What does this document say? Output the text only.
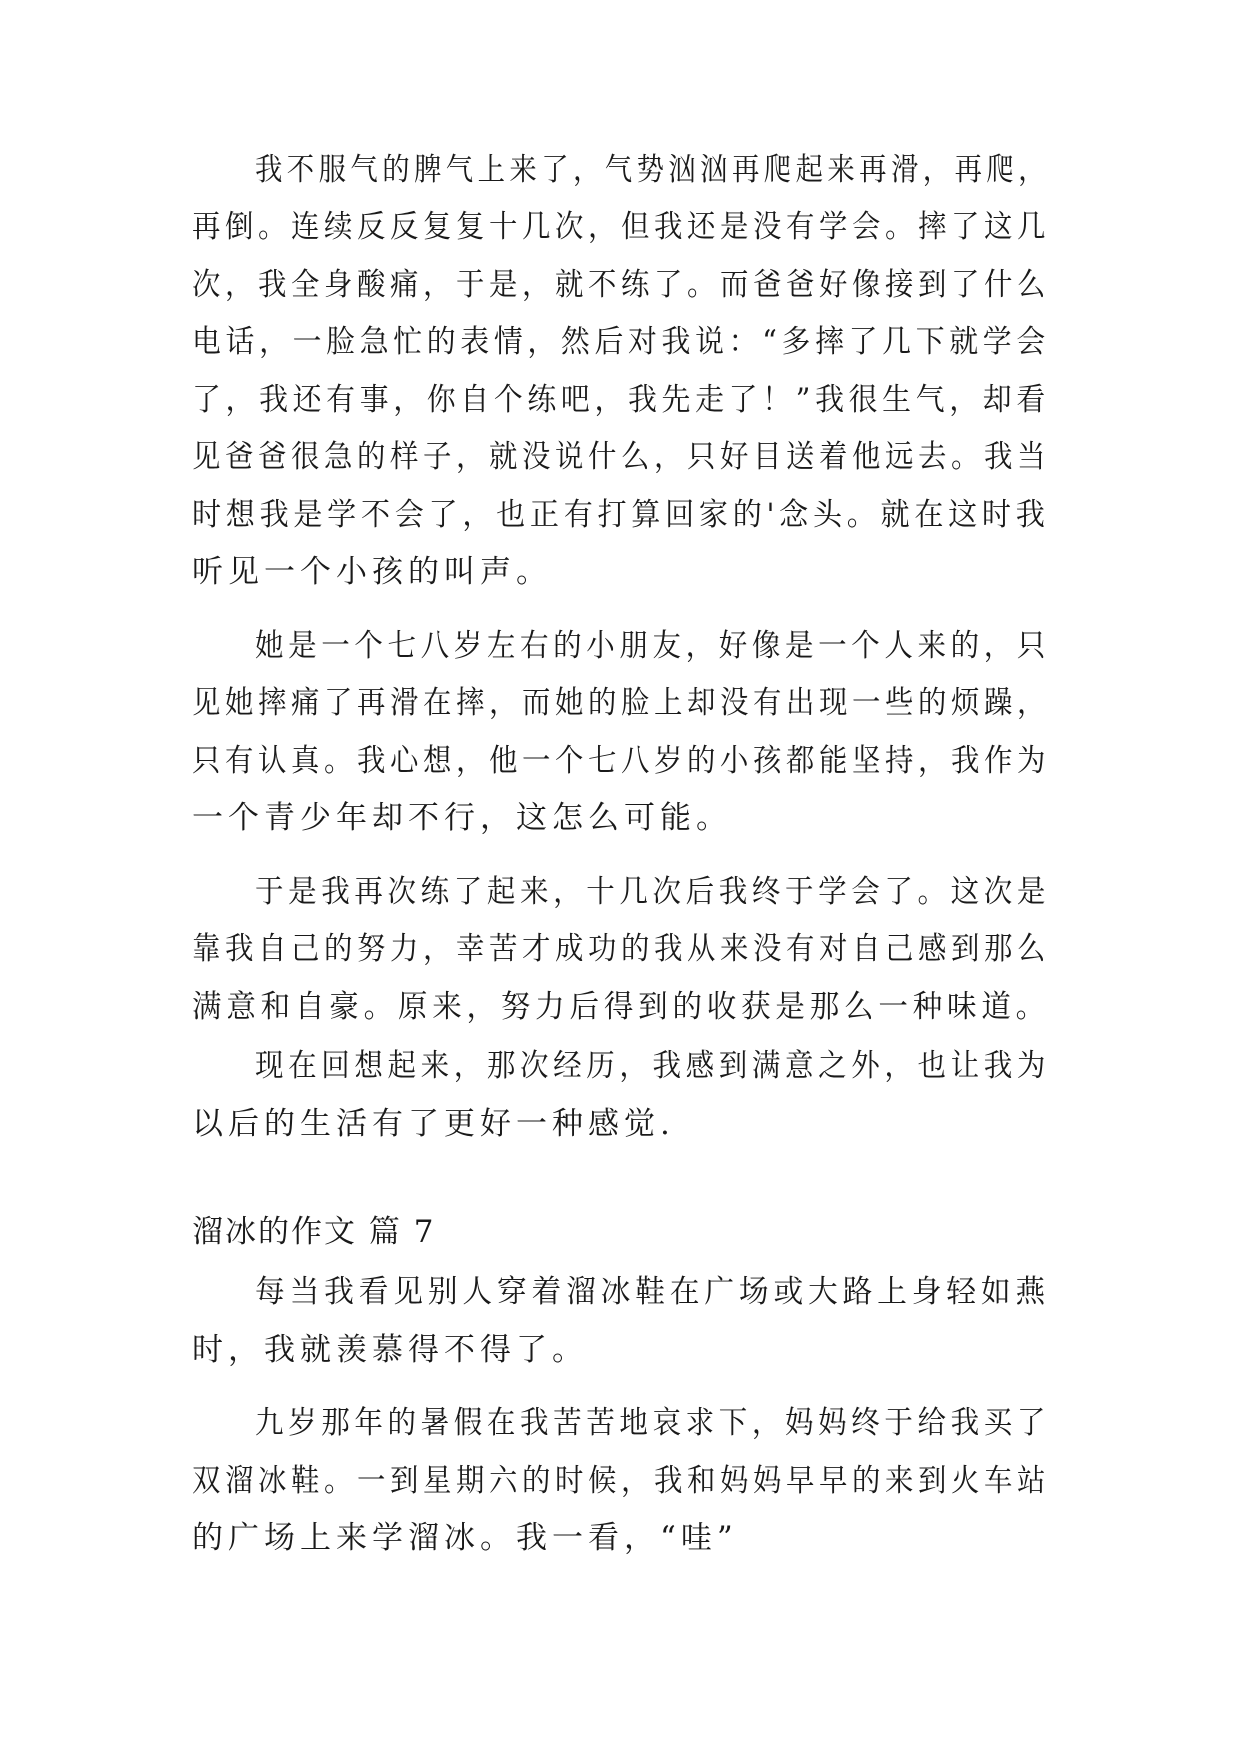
我不服气的脾气上来了，气势汹汹再爬起来再滑，再爬，
再倒。连续反反复复十几次，但我还是没有学会。摔了这几
次，我全身酸痛，于是，就不练了。而爸爸好像接到了什么
电话，一脸急忙的表情，然后对我说：“多摔了几下就学会
了，我还有事，你自个练吧，我先走了！”我很生气，却看
见爸爸很急的样子，就没说什么，只好目送着他远去。我当
时想我是学不会了，也正有打算回家的'念头。就在这时我
听见一个小孩的叫声。
她是一个七八岁左右的小朋友，好像是一个人来的，只
见她摔痛了再滑在摔，而她的脸上却没有出现一些的烦躁，
只有认真。我心想，他一个七八岁的小孩都能坚持，我作为
一个青少年却不行，这怎么可能。
于是我再次练了起来，十几次后我终于学会了。这次是
靠我自己的努力，幸苦才成功的我从来没有对自己感到那么
满意和自豪。原来，努力后得到的收获是那么一种味道。
现在回想起来，那次经历，我感到满意之外，也让我为
以后的生活有了更好一种感觉.
溜冰的作文 篇 7
每当我看见别人穿着溜冰鞋在广场或大路上身轻如燕
时，我就羡慕得不得了。
九岁那年的暑假在我苦苦地哀求下，妈妈终于给我买了
双溜冰鞋。一到星期六的时候，我和妈妈早早的来到火车站
的广场上来学溜冰。我一看，“哇”
